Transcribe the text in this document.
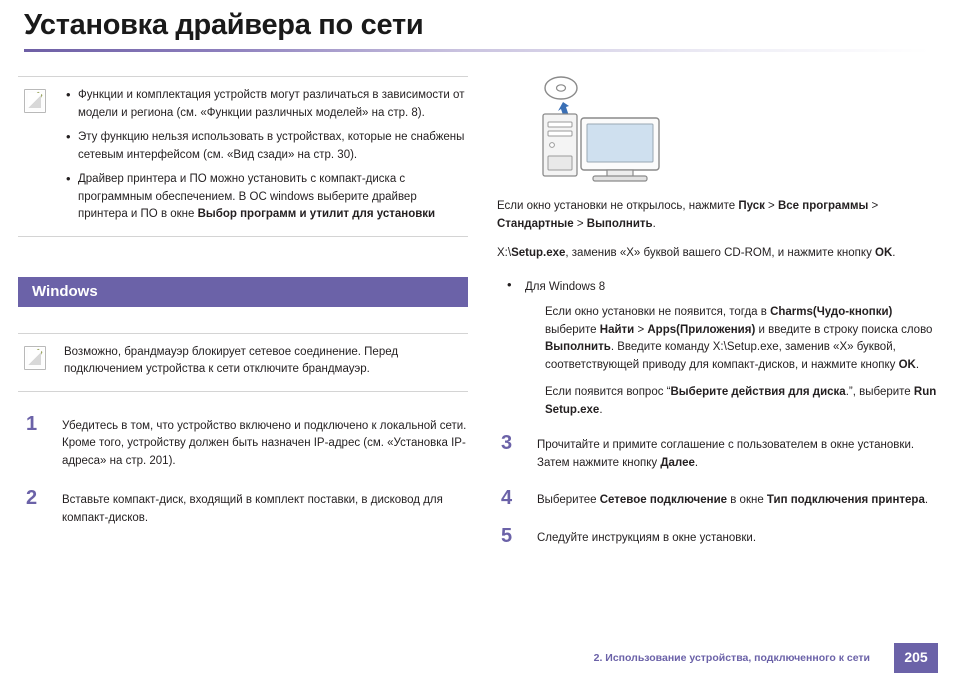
Установка драйвера по сети
• Функции и комплектация устройств могут различаться в зависимости от модели и региона (см. «Функции различных моделей» на стр. 8).
• Эту функцию нельзя использовать в устройствах, которые не снабжены сетевым интерфейсом (см. «Вид сзади» на стр. 30).
• Драйвер принтера и ПО можно установить с компакт-диска с программным обеспечением. В ОС windows выберите драйвер принтера и ПО в окне Выбор программ и утилит для установки
Windows
Возможно, брандмауэр блокирует сетевое соединение. Перед подключением устройства к сети отключите брандмауэр.
1 Убедитесь в том, что устройство включено и подключено к локальной сети. Кроме того, устройству должен быть назначен IP-адрес (см. «Установка IP-адреса» на стр. 201).
2 Вставьте компакт-диск, входящий в комплект поставки, в дисковод для компакт-дисков.
Если окно установки не открылось, нажмите Пуск > Все программы > Стандартные > Выполнить.
X:\Setup.exe, заменив «X» буквой вашего CD-ROM, и нажмите кнопку OK.
• Для Windows 8
Если окно установки не появится, тогда в Charms(Чудо-кнопки) выберите Найти > Apps(Приложения) и введите в строку поиска слово Выполнить. Введите команду X:\Setup.exe, заменив «X» буквой, соответствующей приводу для компакт-дисков, и нажмите кнопку OK.
Если появится вопрос “Выберите действия для диска.”, выберите Run Setup.exe.
3 Прочитайте и примите соглашение с пользователем в окне установки. Затем нажмите кнопку Далее.
4 Выберитее Сетевое подключение в окне Тип подключения принтера.
5 Следуйте инструкциям в окне установки.
2. Использование устройства, подключенного к сети	205
